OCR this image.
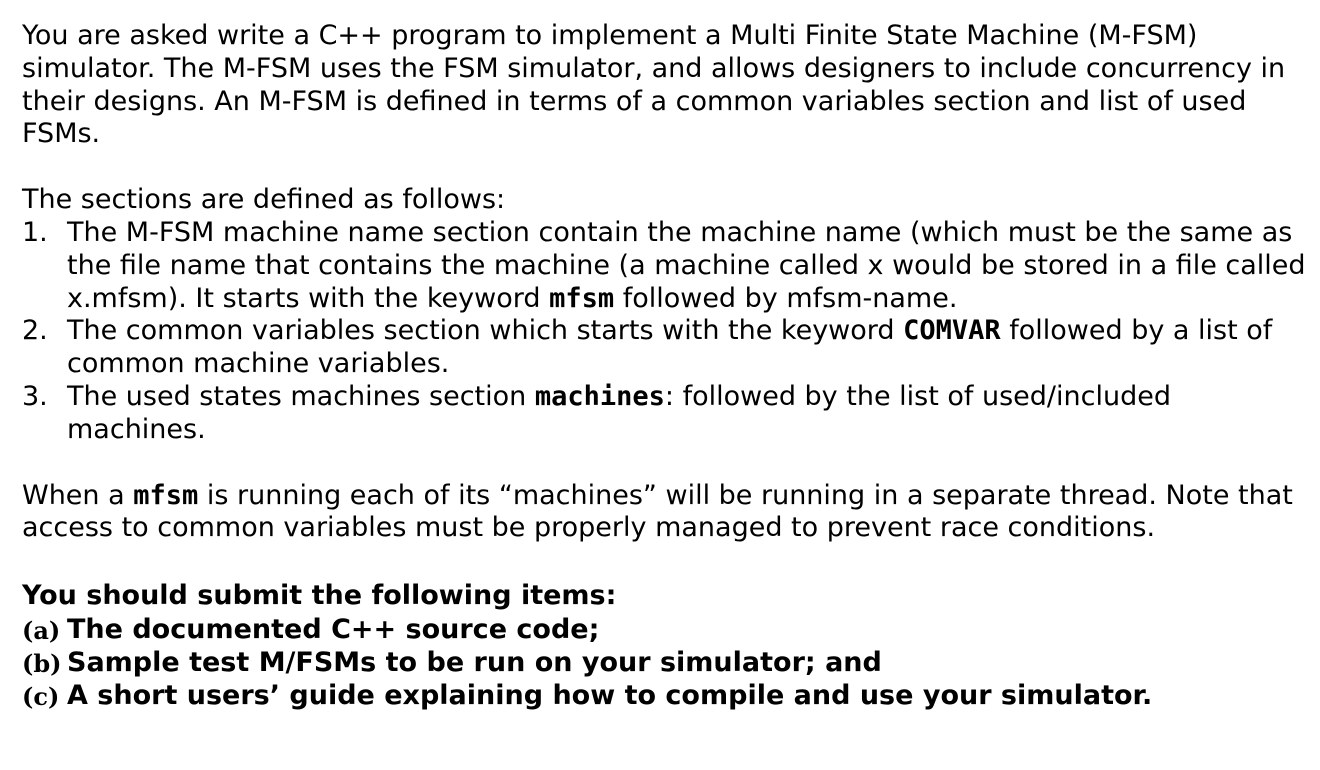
You are asked write a C++ program to implement a Multi Finite State Machine (M-FSM) simulator. The M-FSM uses the FSM simulator, and allows designers to include concurrency in their designs. An M-FSM is defined in terms of a common variables section and list of used FSMs.

The sections are defined as follows:

1. The M-FSM machine name section contain the machine name (which must be the same as the file name that contains the machine (a machine called x would be stored in a file called x.mfsm). It starts with the keyword mfsm followed by mfsm-name.
2. The common variables section which starts with the keyword COMVAR followed by a list of common machine variables.
3. The used states machines section machines: followed by the list of used/included machines.

When a mfsm is running each of its “machines” will be running in a separate thread. Note that access to common variables must be properly managed to prevent race conditions.

You should submit the following items:

(a) The documented C++ source code;
(b) Sample test M/FSMs to be run on your simulator; and
(c) A short users’ guide explaining how to compile and use your simulator.
